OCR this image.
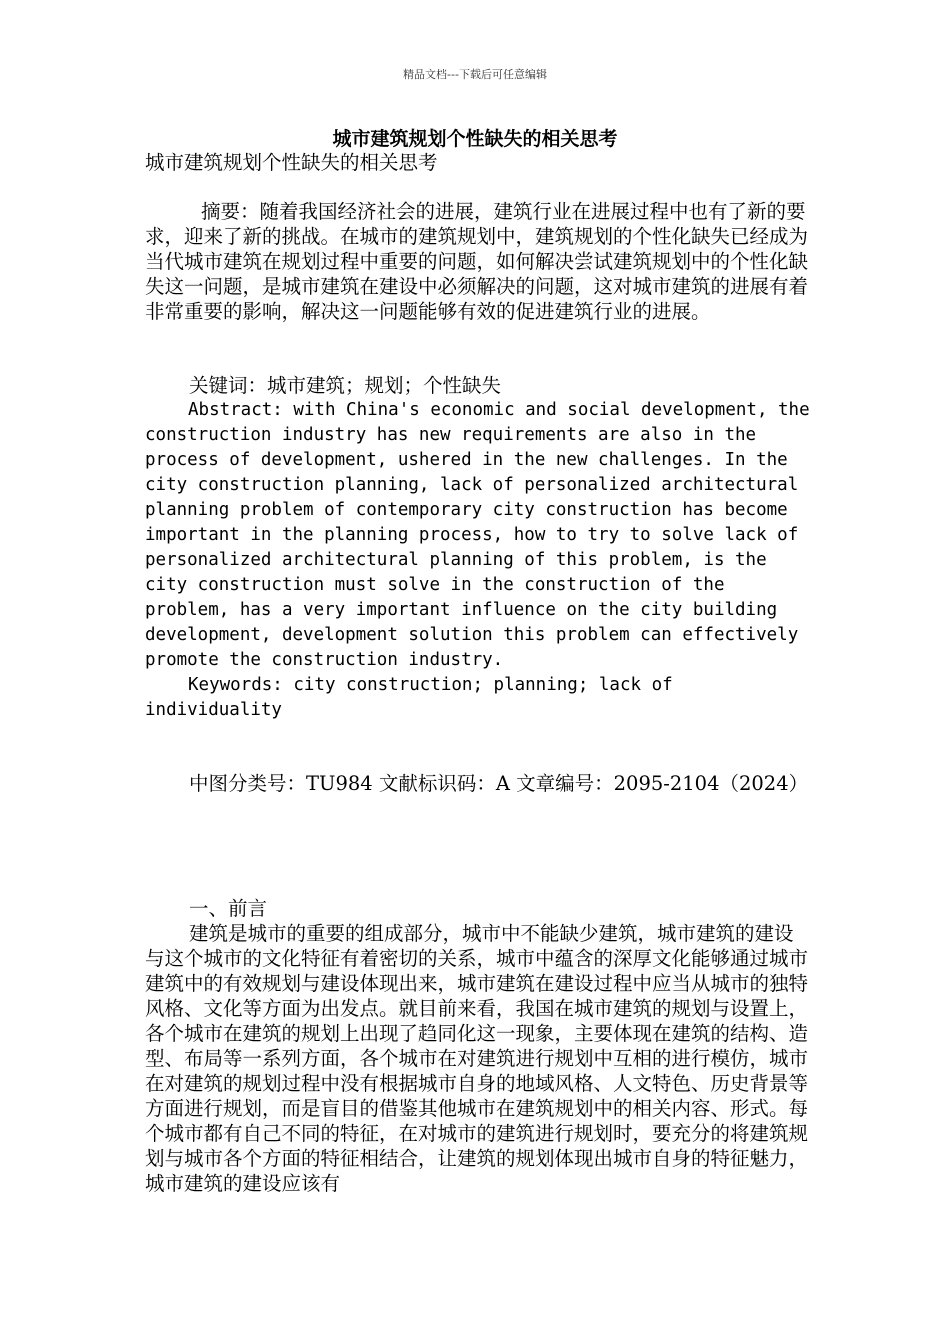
精品文档---下载后可任意编辑
城市建筑规划个性缺失的相关思考

城市建筑规划个性缺失的相关思考

摘要：随着我国经济社会的进展，建筑行业在进展过程中也有了新的要求，迎来了新的挑战。在城市的建筑规划中，建筑规划的个性化缺失已经成为当代城市建筑在规划过程中重要的问题，如何解决尝试建筑规划中的个性化缺失这一问题，是城市建筑在建设中必须解决的问题，这对城市建筑的进展有着非常重要的影响，解决这一问题能够有效的促进建筑行业的进展。

关键词：城市建筑；规划；个性缺失

Abstract: with China's economic and social development, the construction industry has new requirements are also in the process of development, ushered in the new challenges. In the city construction planning, lack of personalized architectural planning problem of contemporary city construction has become important in the planning process, how to try to solve lack of personalized architectural planning of this problem, is the city construction must solve in the construction of the problem, has a very important influence on the city building development, development solution this problem can effectively promote the construction industry.

Keywords: city construction; planning; lack of individuality

中图分类号：TU984 文献标识码：A 文章编号：2095-2104（2024）

一、前言

建筑是城市的重要的组成部分，城市中不能缺少建筑，城市建筑的建设与这个城市的文化特征有着密切的关系，城市中蕴含的深厚文化能够通过城市建筑中的有效规划与建设体现出来，城市建筑在建设过程中应当从城市的独特风格、文化等方面为出发点。就目前来看，我国在城市建筑的规划与设置上，各个城市在建筑的规划上出现了趋同化这一现象，主要体现在建筑的结构、造型、布局等一系列方面，各个城市在对建筑进行规划中互相的进行模仿，城市在对建筑的规划过程中没有根据城市自身的地域风格、人文特色、历史背景等方面进行规划，而是盲目的借鉴其他城市在建筑规划中的相关内容、形式。每个城市都有自己不同的特征，在对城市的建筑进行规划时，要充分的将建筑规划与城市各个方面的特征相结合，让建筑的规划体现出城市自身的特征魅力，城市建筑的建设应该有
